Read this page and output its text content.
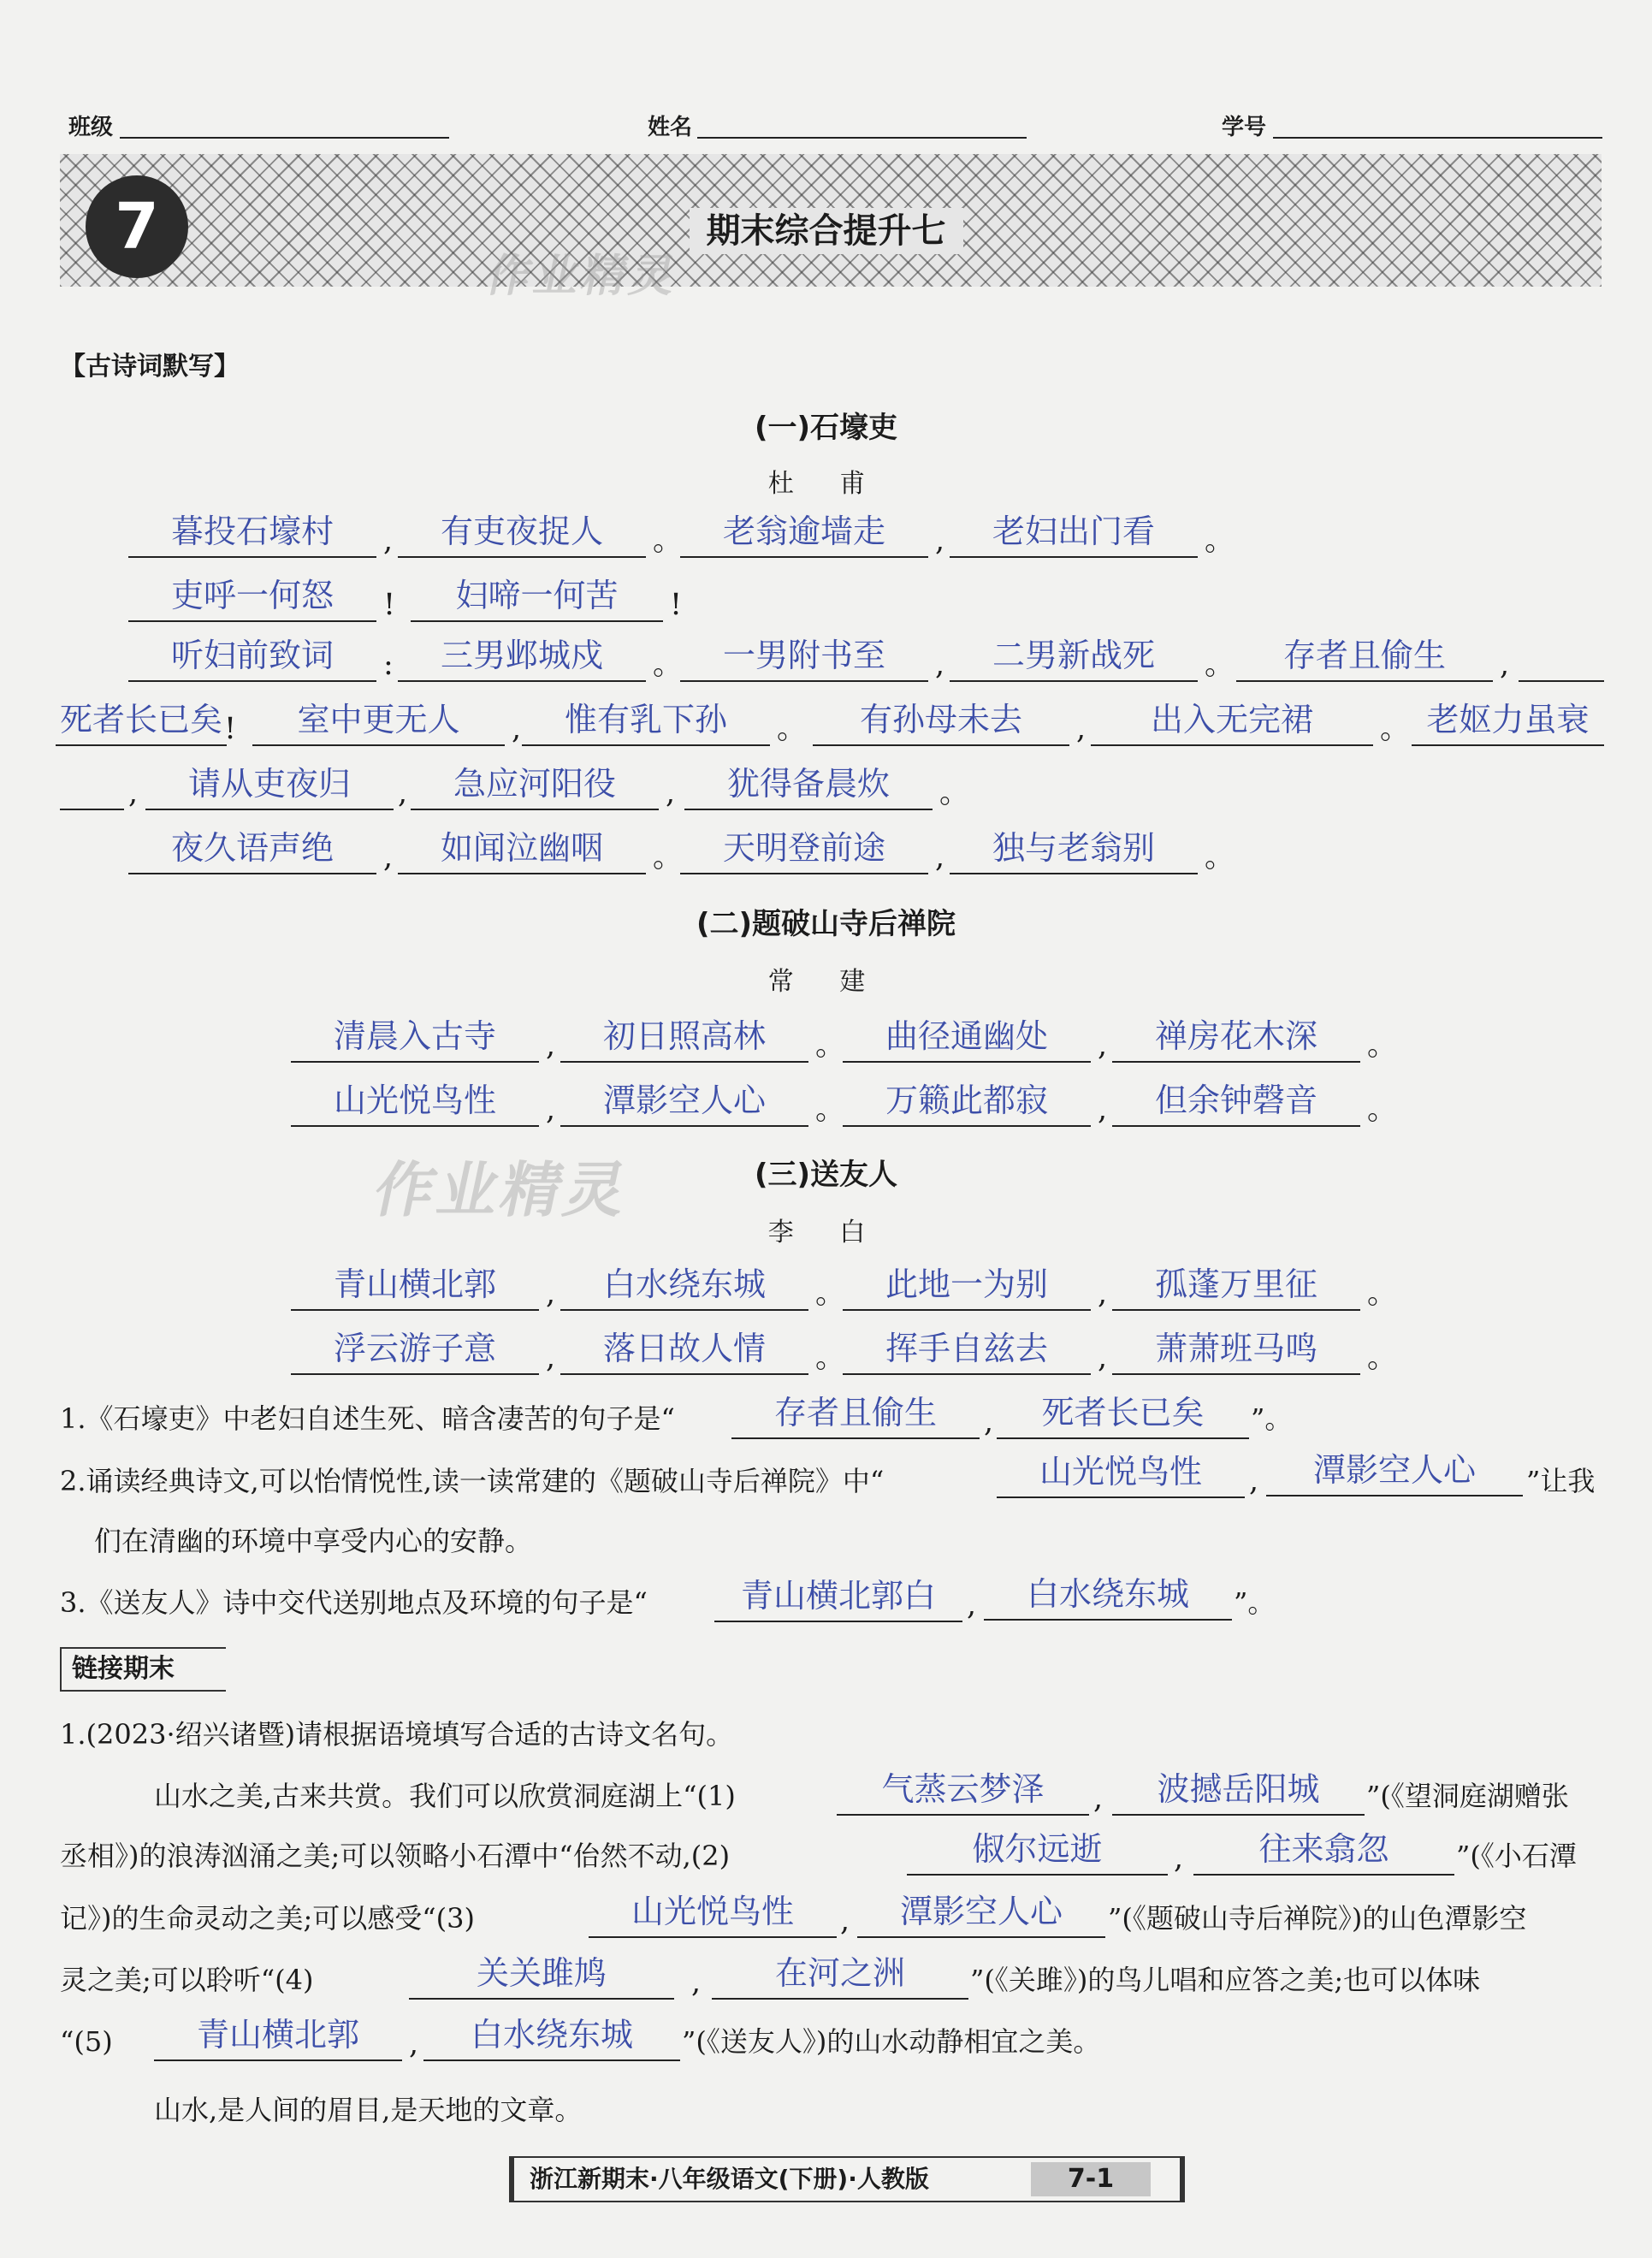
班级	姓名	学号
7	期末综合提升七
作业精灵
作业精灵
【古诗词默写】
(一)石壕吏
杜 甫
暮投石壕村	,	有吏夜捉人	。	老翁逾墙走	,	老妇出门看	。
吏呼一何怒	!	妇啼一何苦	!
听妇前致词	:	三男邺城戍	。	一男附书至	,	二男新战死	。	存者且偷生	,
死者长已矣 !	室中更无人	,	惟有乳下孙	。	有孙母未去	,	出入无完裙	。 老妪力虽衰
,	请从吏夜归	,	急应河阳役	,	犹得备晨炊	。
夜久语声绝	,	如闻泣幽咽	。	天明登前途	,	独与老翁别	。
(二)题破山寺后禅院
常 建
清晨入古寺	,	初日照高林	。	曲径通幽处	,	禅房花木深	。
山光悦鸟性	,	潭影空人心	。	万籁此都寂	,	但余钟磬音	。
(三)送友人
李 白
青山横北郭	,	白水绕东城	。	此地一为别	,	孤蓬万里征	。
浮云游子意	,	落日故人情	。	挥手自兹去	,	萧萧班马鸣	。
1.《石壕吏》中老妇自述生死、暗含凄苦的句子是“	存者且偷生	,	死者长已矣	”。
2.诵读经典诗文,可以怡情悦性,读一读常建的《题破山寺后禅院》中“	山光悦鸟性	,	潭影空人心	”让我
们在清幽的环境中享受内心的安静。
3.《送友人》诗中交代送别地点及环境的句子是“	青山横北郭白	,	白水绕东城	”。
链接期末
1.(2023·绍兴诸暨)请根据语境填写合适的古诗文名句。
山水之美,古来共赏。我们可以欣赏洞庭湖上“(1)	气蒸云梦泽	,	波撼岳阳城	”(《望洞庭湖赠张
丞相》)的浪涛汹涌之美;可以领略小石潭中“佁然不动,(2)	俶尔远逝	,	往来翕忽	”(《小石潭
记》)的生命灵动之美;可以感受“(3)	山光悦鸟性	,	潭影空人心	”(《题破山寺后禅院》)的山色潭影空
灵之美;可以聆听“(4)	关关雎鸠	,	在河之洲	”(《关雎》)的鸟儿唱和应答之美;也可以体味
“(5)	青山横北郭	,	白水绕东城	”(《送友人》)的山水动静相宜之美。
山水,是人间的眉目,是天地的文章。
浙江新期末·八年级语文(下册)·人教版	7-1
